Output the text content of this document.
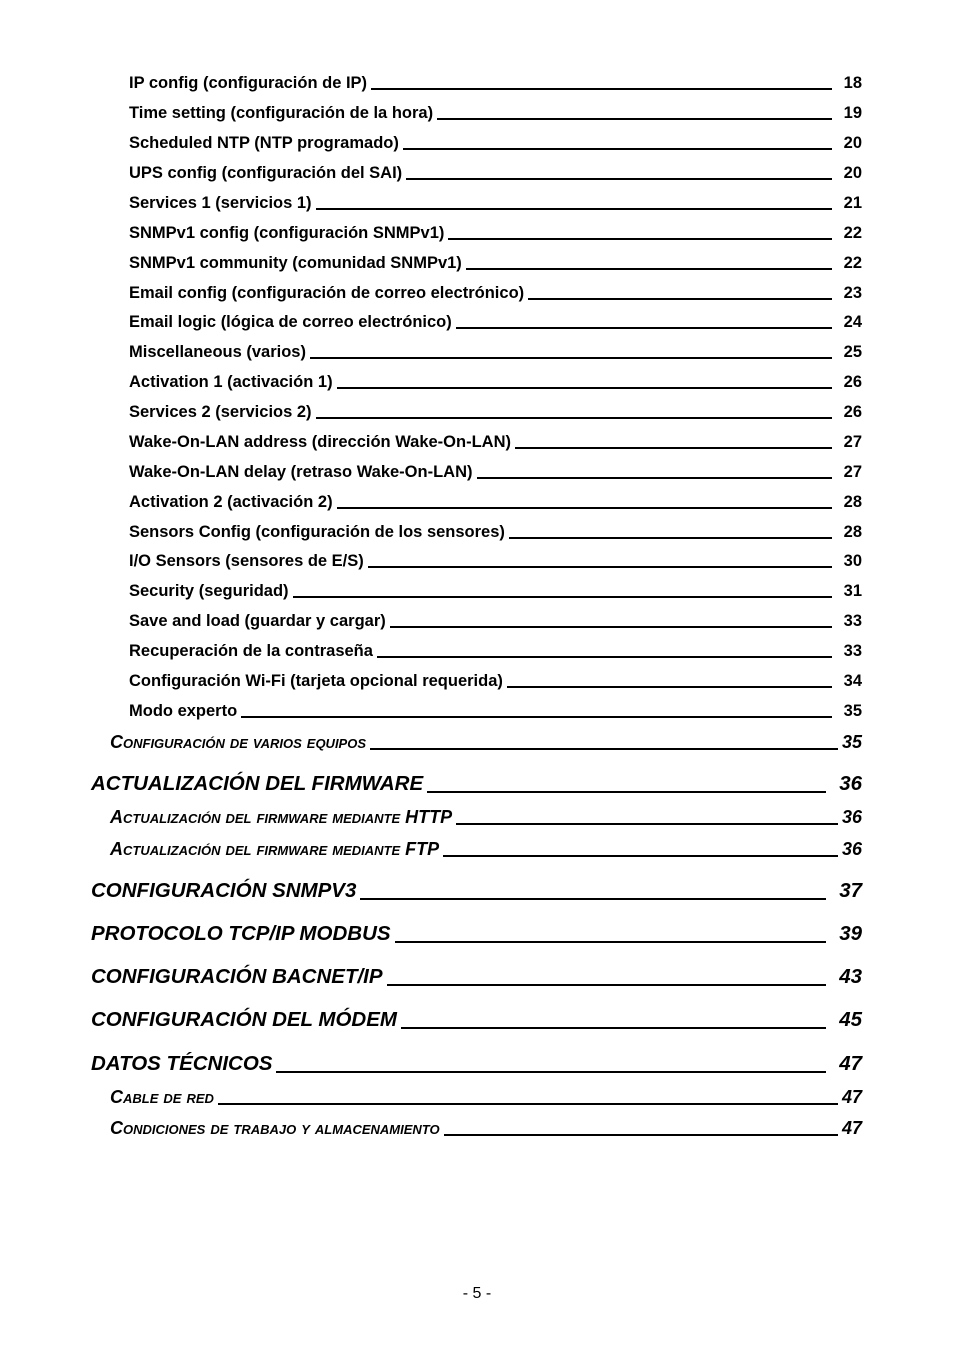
IP config (configuración de IP)	18
Time setting (configuración de la hora)	19
Scheduled NTP (NTP programado)	20
UPS config (configuración del SAI)	20
Services 1 (servicios 1)	21
SNMPv1 config (configuración SNMPv1)	22
SNMPv1 community (comunidad SNMPv1)	22
Email config (configuración de correo electrónico)	23
Email logic (lógica de correo electrónico)	24
Miscellaneous (varios)	25
Activation 1 (activación 1)	26
Services 2 (servicios 2)	26
Wake-On-LAN address (dirección Wake-On-LAN)	27
Wake-On-LAN delay (retraso Wake-On-LAN)	27
Activation 2 (activación 2)	28
Sensors Config (configuración de los sensores)	28
I/O Sensors (sensores de E/S)	30
Security (seguridad)	31
Save and load (guardar y cargar)	33
Recuperación de la contraseña	33
Configuración Wi-Fi (tarjeta opcional requerida)	34
Modo experto	35
Configuración de varios equipos	35
ACTUALIZACIÓN DEL FIRMWARE	36
Actualización del firmware mediante HTTP	36
Actualización del firmware mediante FTP	36
CONFIGURACIÓN SNMPV3	37
PROTOCOLO TCP/IP MODBUS	39
CONFIGURACIÓN BACNET/IP	43
CONFIGURACIÓN DEL MÓDEM	45
DATOS TÉCNICOS	47
Cable de red	47
Condiciones de trabajo y almacenamiento	47
- 5 -
